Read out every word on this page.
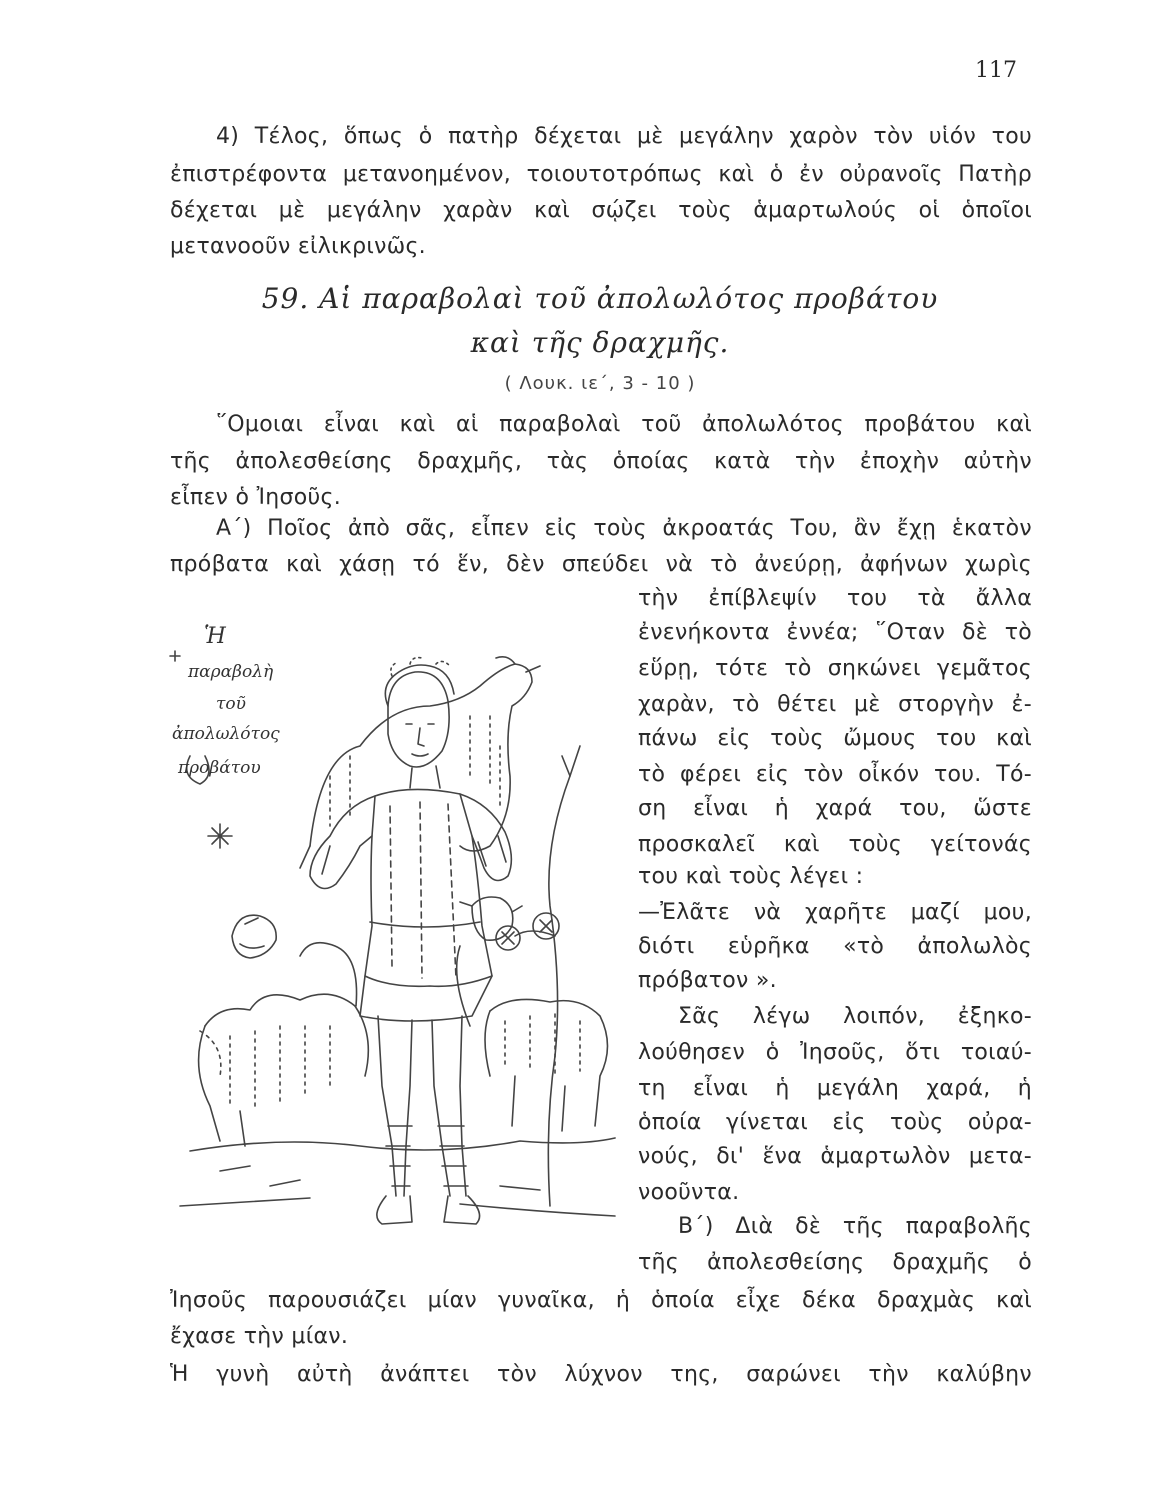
117
4) Τέλος, ὅπως ὁ πατὴρ δέχεται μὲ μεγάλην χαρὸν τὸν υἱόν του
ἐπιστρέφοντα μετανοημένον, τοιουτοτρόπως καὶ ὁ ἐν οὐρανοῖς Πατὴρ
δέχεται μὲ μεγάλην χαρὰν καὶ σῴζει τοὺς ἁμαρτωλούς οἱ ὁποῖοι
μετανοοῦν εἰλικρινῶς.
59. Αἱ παραβολαὶ τοῦ ἀπολωλότος προβάτου
καὶ τῆς δραχμῆς.
( Λουκ. ιε΄, 3 - 10 )
῞Ομοιαι εἶναι καὶ αἱ παραβολαὶ τοῦ ἀπολωλότος προβάτου καὶ
τῆς ἀπολεσθείσης δραχμῆς, τὰς ὁποίας κατὰ τὴν ἐποχὴν αὐτὴν
εἶπεν ὁ Ἰησοῦς.
Α΄) Ποῖος ἀπὸ σᾶς, εἶπεν εἰς τοὺς ἀκροατάς Του, ἂν ἔχῃ ἑκατὸν
πρόβατα καὶ χάσῃ τό ἕν, δὲν σπεύδει νὰ τὸ ἀνεύρῃ, ἀφήνων χωρὶς
τὴν ἐπίβλεψίν του τὰ ἄλλα
ἐνενήκοντα ἐννέα; ῞Οταν δὲ τὸ
εὕρῃ, τότε τὸ σηκώνει γεμᾶτος
χαρὰν, τὸ θέτει μὲ στοργὴν ἐ-
πάνω εἰς τοὺς ὤμους του καὶ
τὸ φέρει εἰς τὸν οἶκόν του. Τό-
ση εἶναι ἡ χαρά του, ὥστε
προσκαλεῖ καὶ τοὺς γείτονάς
του καὶ τοὺς λέγει :
—Ἐλᾶτε νὰ χαρῆτε μαζί μου,
διότι εὑρῆκα «τὸ ἀπολωλὸς
πρόβατον ».
Σᾶς λέγω λοιπόν, ἐξηκο-
λούθησεν ὁ Ἰησοῦς, ὅτι τοιαύ-
τη εἶναι ἡ μεγάλη χαρά, ἡ
ὁποία γίνεται εἰς τοὺς οὐρα-
νούς, δι' ἕνα ἁμαρτωλὸν μετα-
νοοῦντα.
Β΄) Διὰ δὲ τῆς παραβολῆς
τῆς ἀπολεσθείσης δραχμῆς ὁ
Ἰησοῦς παρουσιάζει μίαν γυναῖκα, ἡ ὁποία εἶχε δέκα δραχμὰς καὶ
ἔχασε τὴν μίαν.
Ἡ γυνὴ αὐτὴ ἀνάπτει τὸν λύχνον της, σαρώνει τὴν καλύβην
Ἡ
παραβολὴ
τοῦ
ἀπολωλότος
προβάτου
